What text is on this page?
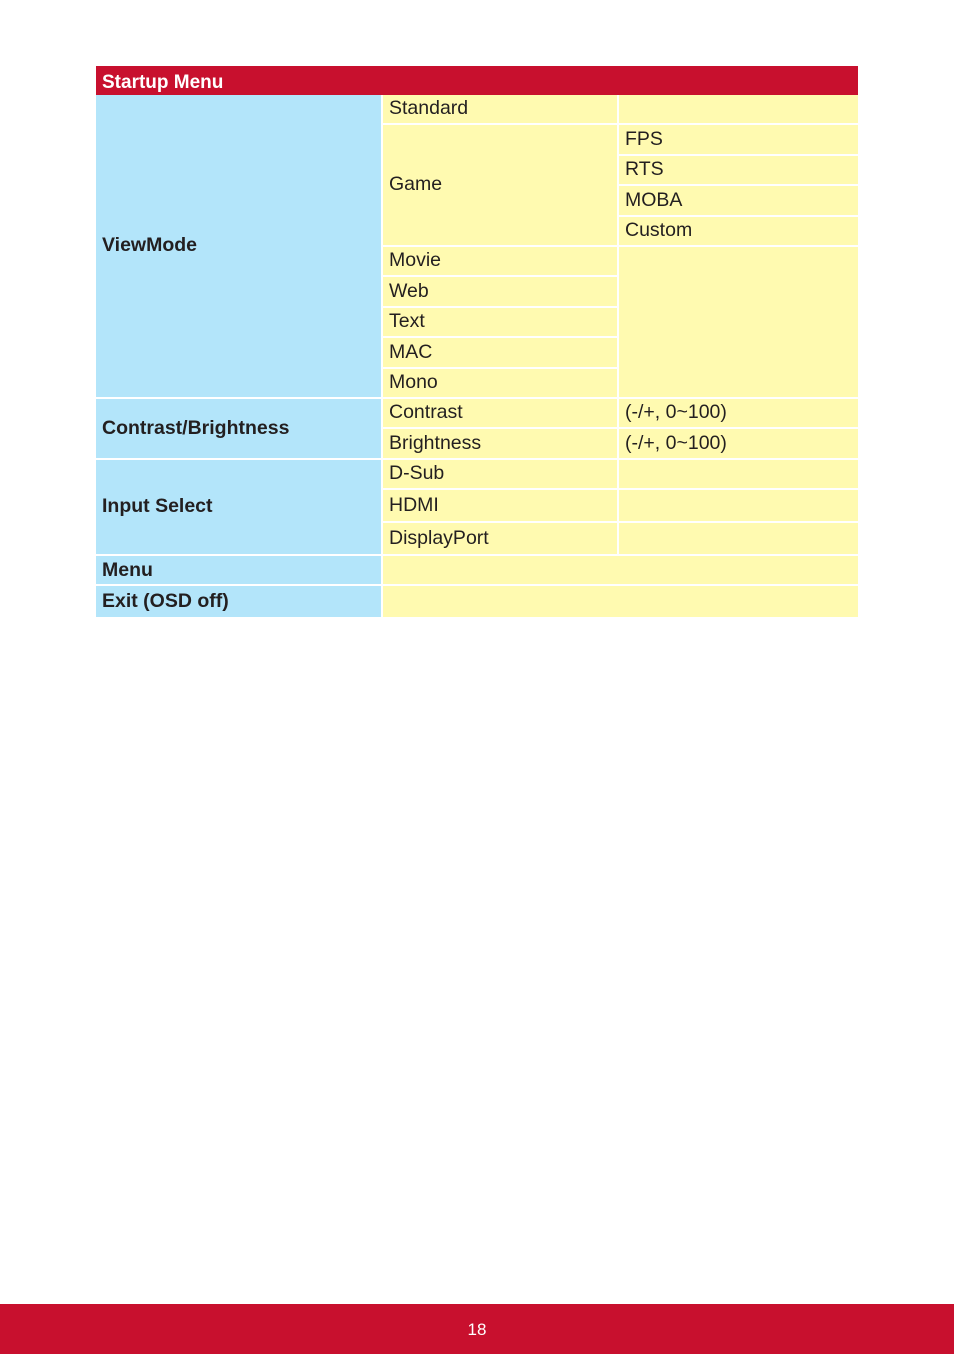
Startup Menu		
ViewMode	Standard	
	Game	FPS
		RTS
		MOBA
		Custom
	Movie	
	Web	
	Text	
	MAC	
	Mono	
Contrast/Brightness	Contrast	(-/+, 0~100)
	Brightness	(-/+, 0~100)
Input Select	D-Sub	
	HDMI	
	DisplayPort	
Menu		
Exit (OSD off)		
18
